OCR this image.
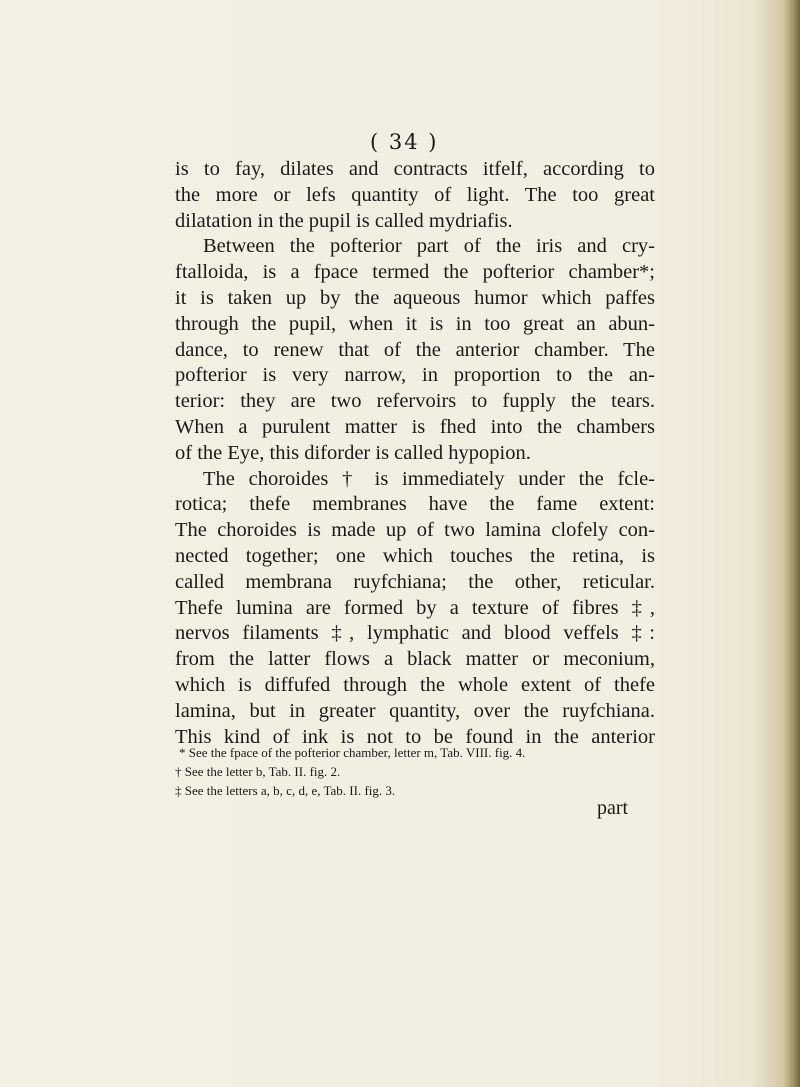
( 34 )
is to fay, dilates and contracts itfelf, according to
the more or lefs quantity of light. The too great
dilatation in the pupil is called mydriafis.
Between the pofterior part of the iris and cry-
ftalloida, is a fpace termed the pofterior chamber*;
it is taken up by the aqueous humor which paffes
through the pupil, when it is in too great an abun-
dance, to renew that of the anterior chamber. The
pofterior is very narrow, in proportion to the an-
terior: they are two refervoirs to fupply the tears.
When a purulent matter is fhed into the chambers
of the Eye, this diforder is called hypopion.
The choroides † is immediately under the fcle-
rotica; thefe membranes have the fame extent:
The choroides is made up of two lamina clofely con-
nected together; one which touches the retina, is
called membrana ruyfchiana; the other, reticular.
Thefe lumina are formed by a texture of fibres ‡,
nervos filaments ‡, lymphatic and blood veffels ‡:
from the latter flows a black matter or meconium,
which is diffufed through the whole extent of thefe
lamina, but in greater quantity, over the ruyfchiana.
This kind of ink is not to be found in the anterior
* See the fpace of the pofterior chamber, letter m, Tab. VIII. fig. 4.
† See the letter b, Tab. II. fig. 2.
‡ See the letters a, b, c, d, e, Tab. II. fig. 3.
part
